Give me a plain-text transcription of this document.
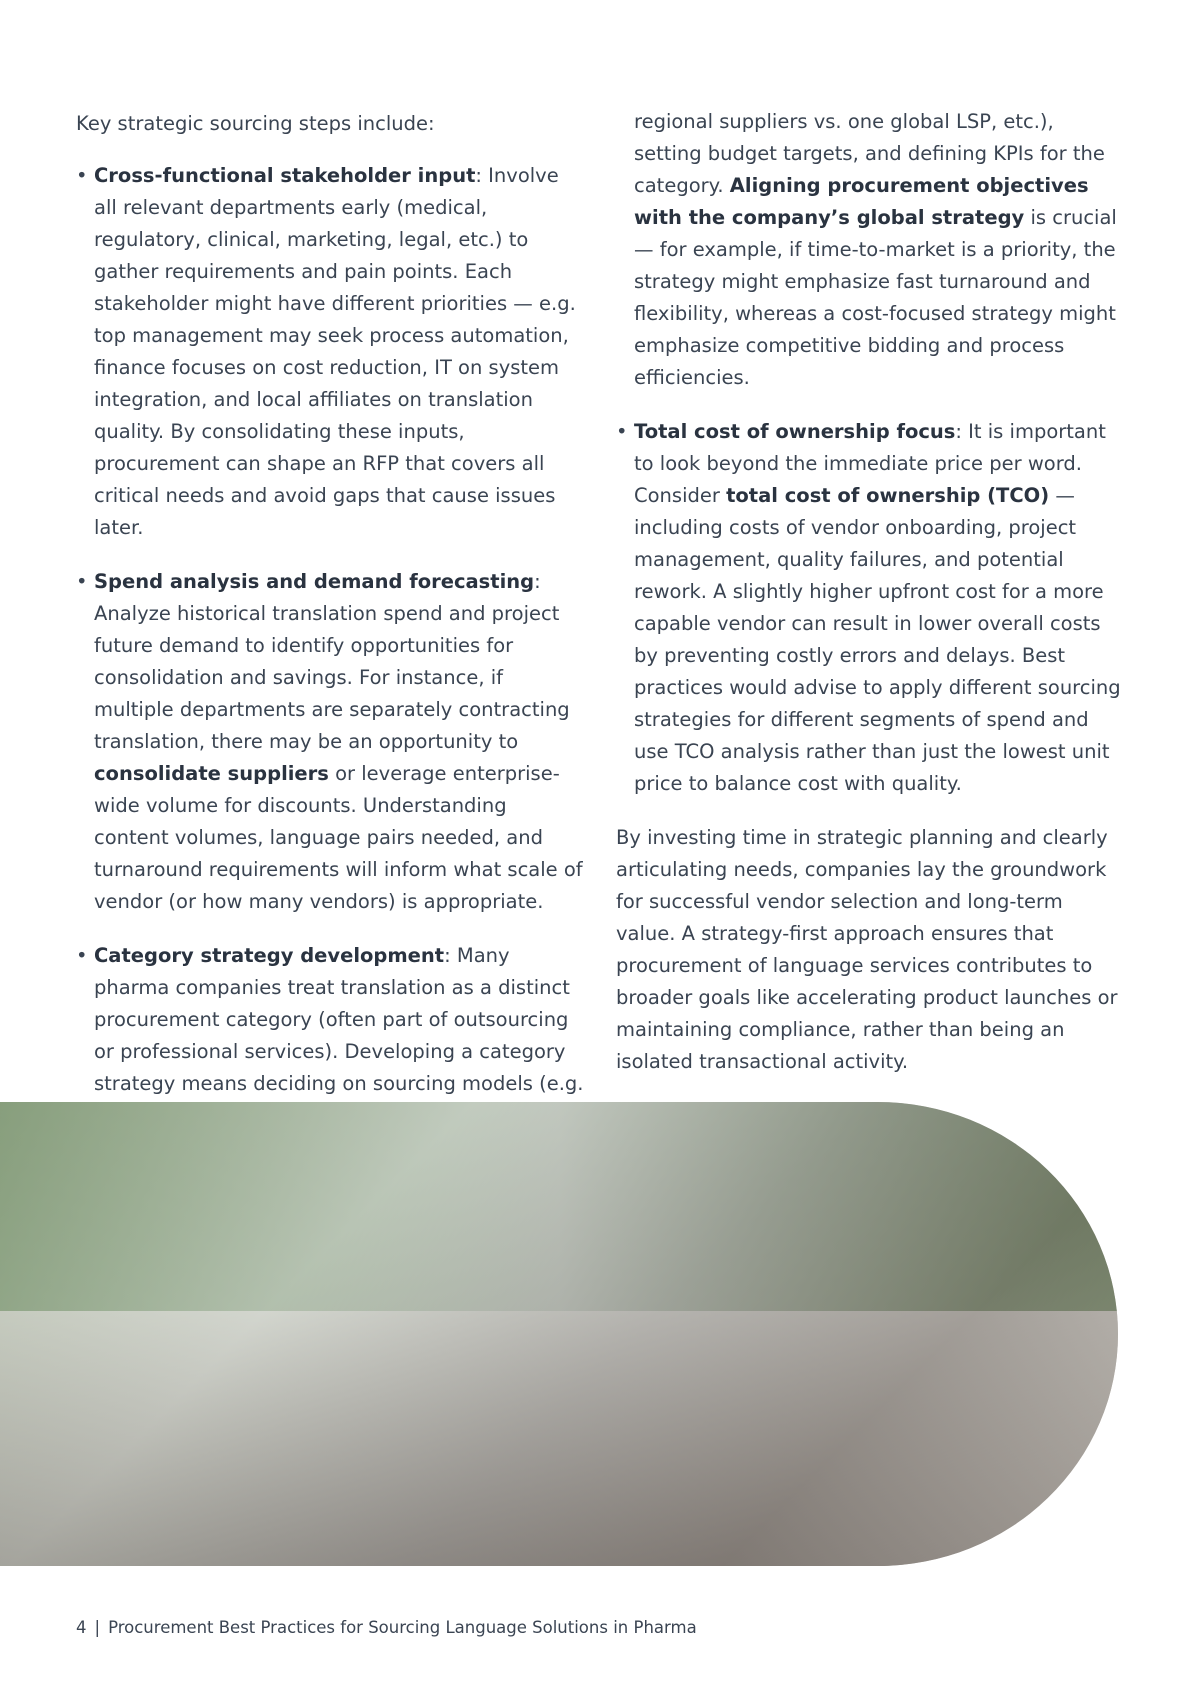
Key strategic sourcing steps include:

• Cross-functional stakeholder input: Involve all relevant departments early (medical, regulatory, clinical, marketing, legal, etc.) to gather requirements and pain points. Each stakeholder might have different priorities — e.g. top management may seek process automation, finance focuses on cost reduction, IT on system integration, and local affiliates on translation quality. By consolidating these inputs, procurement can shape an RFP that covers all critical needs and avoid gaps that cause issues later.
• Spend analysis and demand forecasting: Analyze historical translation spend and project future demand to identify opportunities for consolidation and savings. For instance, if multiple departments are separately contracting translation, there may be an opportunity to consolidate suppliers or leverage enterprise-wide volume for discounts. Understanding content volumes, language pairs needed, and turnaround requirements will inform what scale of vendor (or how many vendors) is appropriate.
• Category strategy development: Many pharma companies treat translation as a distinct procurement category (often part of outsourcing or professional services). Developing a category strategy means deciding on sourcing models (e.g.
regional suppliers vs. one global LSP, etc.), setting budget targets, and defining KPIs for the category. Aligning procurement objectives with the company’s global strategy is crucial — for example, if time-to-market is a priority, the strategy might emphasize fast turnaround and flexibility, whereas a cost-focused strategy might emphasize competitive bidding and process efficiencies.
• Total cost of ownership focus: It is important to look beyond the immediate price per word. Consider total cost of ownership (TCO) — including costs of vendor onboarding, project management, quality failures, and potential rework. A slightly higher upfront cost for a more capable vendor can result in lower overall costs by preventing costly errors and delays. Best practices would advise to apply different sourcing strategies for different segments of spend and use TCO analysis rather than just the lowest unit price to balance cost with quality.

By investing time in strategic planning and clearly articulating needs, companies lay the groundwork for successful vendor selection and long-term value. A strategy-first approach ensures that procurement of language services contributes to broader goals like accelerating product launches or maintaining compliance, rather than being an isolated transactional activity.

4 | Procurement Best Practices for Sourcing Language Solutions in Pharma
